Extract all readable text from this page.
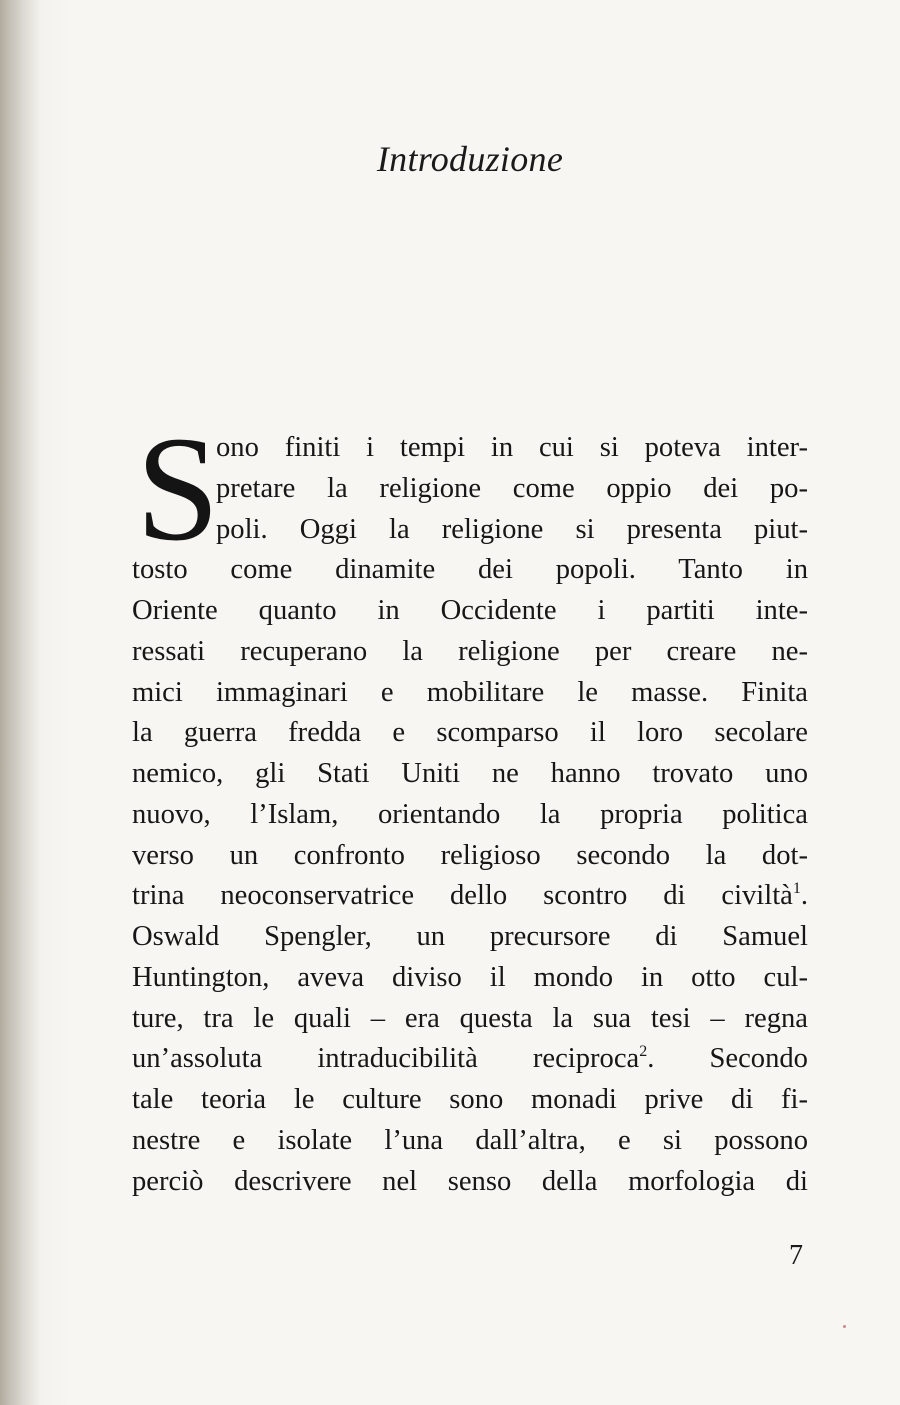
Introduzione
S
ono finiti i tempi in cui si poteva inter-
pretare la religione come oppio dei po-
poli. Oggi la religione si presenta piut-
tosto come dinamite dei popoli. Tanto in
Oriente quanto in Occidente i partiti inte-
ressati recuperano la religione per creare ne-
mici immaginari e mobilitare le masse. Finita
la guerra fredda e scomparso il loro secolare
nemico, gli Stati Uniti ne hanno trovato uno
nuovo, l’Islam, orientando la propria politica
verso un confronto religioso secondo la dot-
trina neoconservatrice dello scontro di civiltà$^1$.
Oswald Spengler, un precursore di Samuel
Huntington, aveva diviso il mondo in otto cul-
ture, tra le quali – era questa la sua tesi – regna
un’assoluta intraducibilità reciproca$^2$. Secondo
tale teoria le culture sono monadi prive di fi-
nestre e isolate l’una dall’altra, e si possono
perciò descrivere nel senso della morfologia di
7
